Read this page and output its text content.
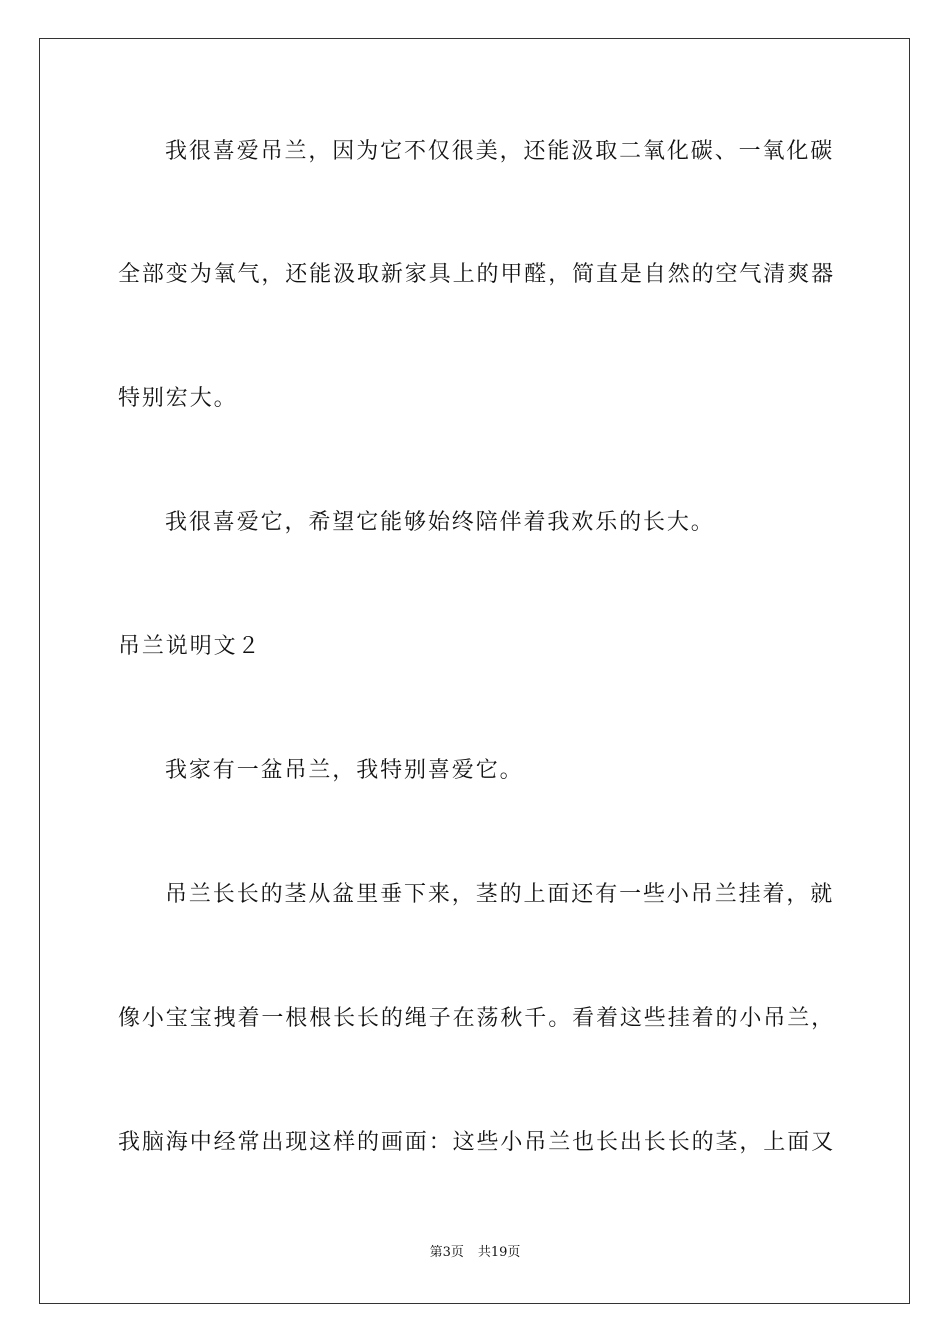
我很喜爱吊兰，因为它不仅很美，还能汲取二氧化碳、一氧化碳
全部变为氧气，还能汲取新家具上的甲醛，简直是自然的空气清爽器
特别宏大。
我很喜爱它，希望它能够始终陪伴着我欢乐的长大。
吊兰说明文２
我家有一盆吊兰，我特别喜爱它。
吊兰长长的茎从盆里垂下来，茎的上面还有一些小吊兰挂着，就
像小宝宝拽着一根根长长的绳子在荡秋千。看着这些挂着的小吊兰，
我脑海中经常出现这样的画面：这些小吊兰也长出长长的茎，上面又
第3页 共19页
